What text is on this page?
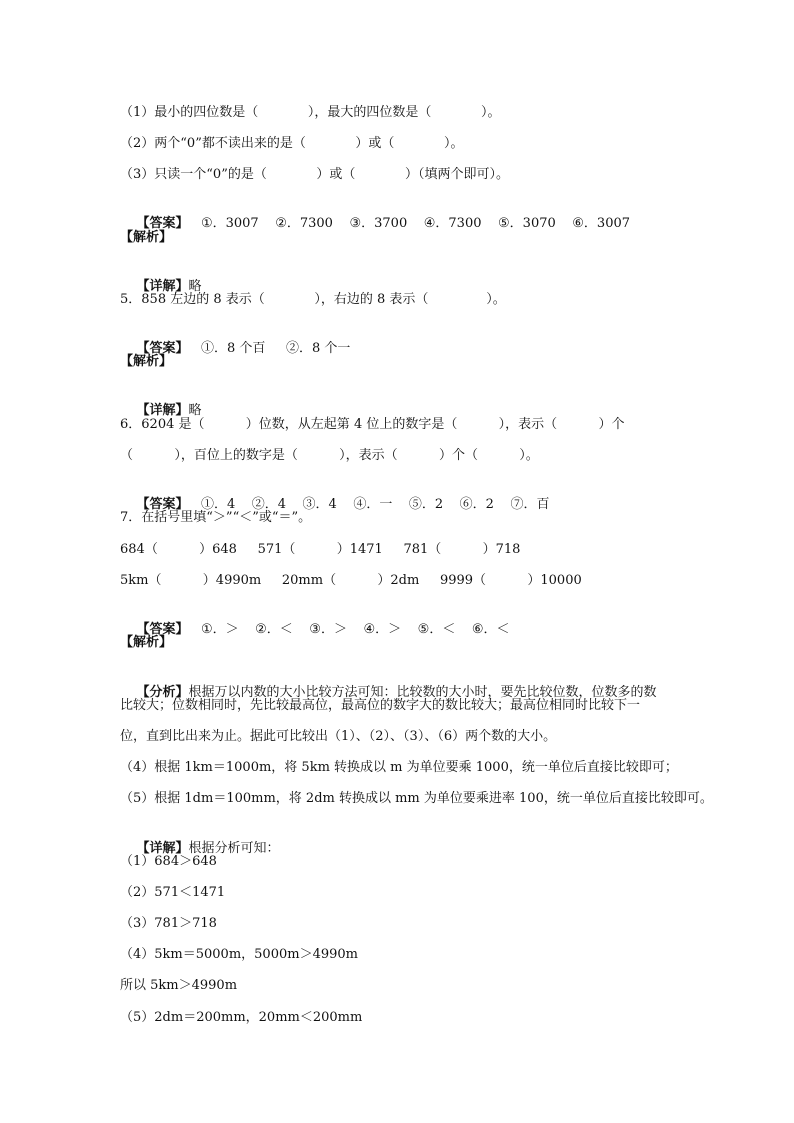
（1）最小的四位数是（            ），最大的四位数是（            ）。
（2）两个“0”都不读出来的是（            ）或（            ）。
（3）只读一个“0”的是（            ）或（            ）（填两个即可）。

【答案】   ①．3007    ②．7300    ③．3700    ④．7300    ⑤．3070    ⑥．3007

【解析】

【详解】略

5．858 左边的 8 表示（            ），右边的 8 表示（              ）。

【答案】   ①．8 个百     ②．8 个一

【解析】

【详解】略

6．6204 是（          ）位数，从左起第 4 位上的数字是（          ），表示（          ）个
（          ），百位上的数字是（          ），表示（          ）个（          ）。

【答案】   ①．4    ②．4    ③．4    ④．一    ⑤．2    ⑥．2    ⑦．百

7．在括号里填“＞”“＜”或“＝”。
684（          ）648     571（          ）1471     781（          ）718
5km（          ）4990m     20mm（          ）2dm     9999（          ）10000

【答案】   ①．＞    ②．＜    ③．＞    ④．＞    ⑤．＜    ⑥．＜

【解析】

【分析】根据万以内数的大小比较方法可知：比较数的大小时，要先比较位数，位数多的数

比较大；位数相同时，先比较最高位，最高位的数字大的数比较大；最高位相同时比较下一
位，直到比出来为止。据此可比较出（1）、（2）、（3）、（6）两个数的大小。
（4）根据 1km＝1000m，将 5km 转换成以 m 为单位要乘 1000，统一单位后直接比较即可；
（5）根据 1dm＝100mm，将 2dm 转换成以 mm 为单位要乘进率 100，统一单位后直接比较即可。

【详解】根据分析可知：

（1）684＞648
（2）571＜1471
（3）781＞718
（4）5km＝5000m，5000m＞4990m
所以 5km＞4990m
（5）2dm＝200mm，20mm＜200mm
